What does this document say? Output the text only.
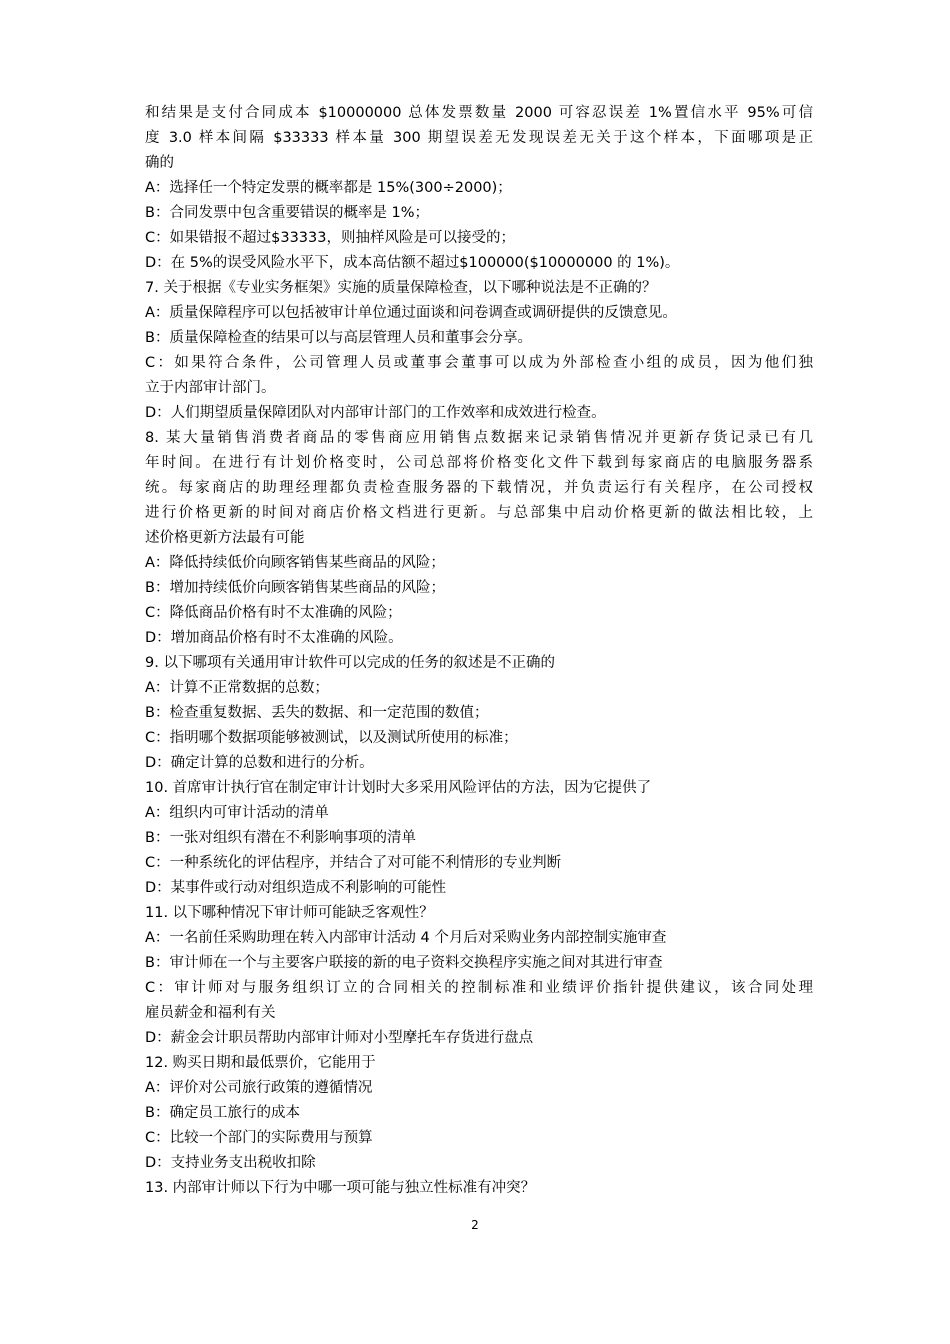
和结果是支付合同成本 $10000000 总体发票数量 2000 可容忍误差 1%置信水平 95%可信
度 3.0 样本间隔 $33333 样本量 300 期望误差无发现误差无关于这个样本，下面哪项是正
确的
A：选择任一个特定发票的概率都是 15%(300÷2000)；
B：合同发票中包含重要错误的概率是 1%；
C：如果错报不超过$33333，则抽样风险是可以接受的；
D：在 5%的误受风险水平下，成本高估额不超过$100000($10000000 的 1%)。
7. 关于根据《专业实务框架》实施的质量保障检查，以下哪种说法是不正确的？
A：质量保障程序可以包括被审计单位通过面谈和问卷调查或调研提供的反馈意见。
B：质量保障检查的结果可以与高层管理人员和董事会分享。
C：如果符合条件，公司管理人员或董事会董事可以成为外部检查小组的成员，因为他们独
立于内部审计部门。
D：人们期望质量保障团队对内部审计部门的工作效率和成效进行检查。
8. 某大量销售消费者商品的零售商应用销售点数据来记录销售情况并更新存货记录已有几
年时间。在进行有计划价格变时，公司总部将价格变化文件下载到每家商店的电脑服务器系
统。每家商店的助理经理都负责检查服务器的下载情况，并负责运行有关程序，在公司授权
进行价格更新的时间对商店价格文档进行更新。与总部集中启动价格更新的做法相比较，上
述价格更新方法最有可能
A：降低持续低价向顾客销售某些商品的风险；
B：增加持续低价向顾客销售某些商品的风险；
C：降低商品价格有时不太准确的风险；
D：增加商品价格有时不太准确的风险。
9. 以下哪项有关通用审计软件可以完成的任务的叙述是不正确的
A：计算不正常数据的总数；
B：检查重复数据、丢失的数据、和一定范围的数值；
C：指明哪个数据项能够被测试，以及测试所使用的标准；
D：确定计算的总数和进行的分析。
10. 首席审计执行官在制定审计计划时大多采用风险评估的方法，因为它提供了
A：组织内可审计活动的清单
B：一张对组织有潜在不利影响事项的清单
C：一种系统化的评估程序，并结合了对可能不利情形的专业判断
D：某事件或行动对组织造成不利影响的可能性
11. 以下哪种情况下审计师可能缺乏客观性？
A：一名前任采购助理在转入内部审计活动 4 个月后对采购业务内部控制实施审查
B：审计师在一个与主要客户联接的新的电子资料交换程序实施之间对其进行审查
C：审计师对与服务组织订立的合同相关的控制标准和业绩评价指针提供建议，该合同处理
雇员薪金和福利有关
D：薪金会计职员帮助内部审计师对小型摩托车存货进行盘点
12. 购买日期和最低票价，它能用于
A：评价对公司旅行政策的遵循情况
B：确定员工旅行的成本
C：比较一个部门的实际费用与预算
D：支持业务支出税收扣除
13. 内部审计师以下行为中哪一项可能与独立性标准有冲突？
2
